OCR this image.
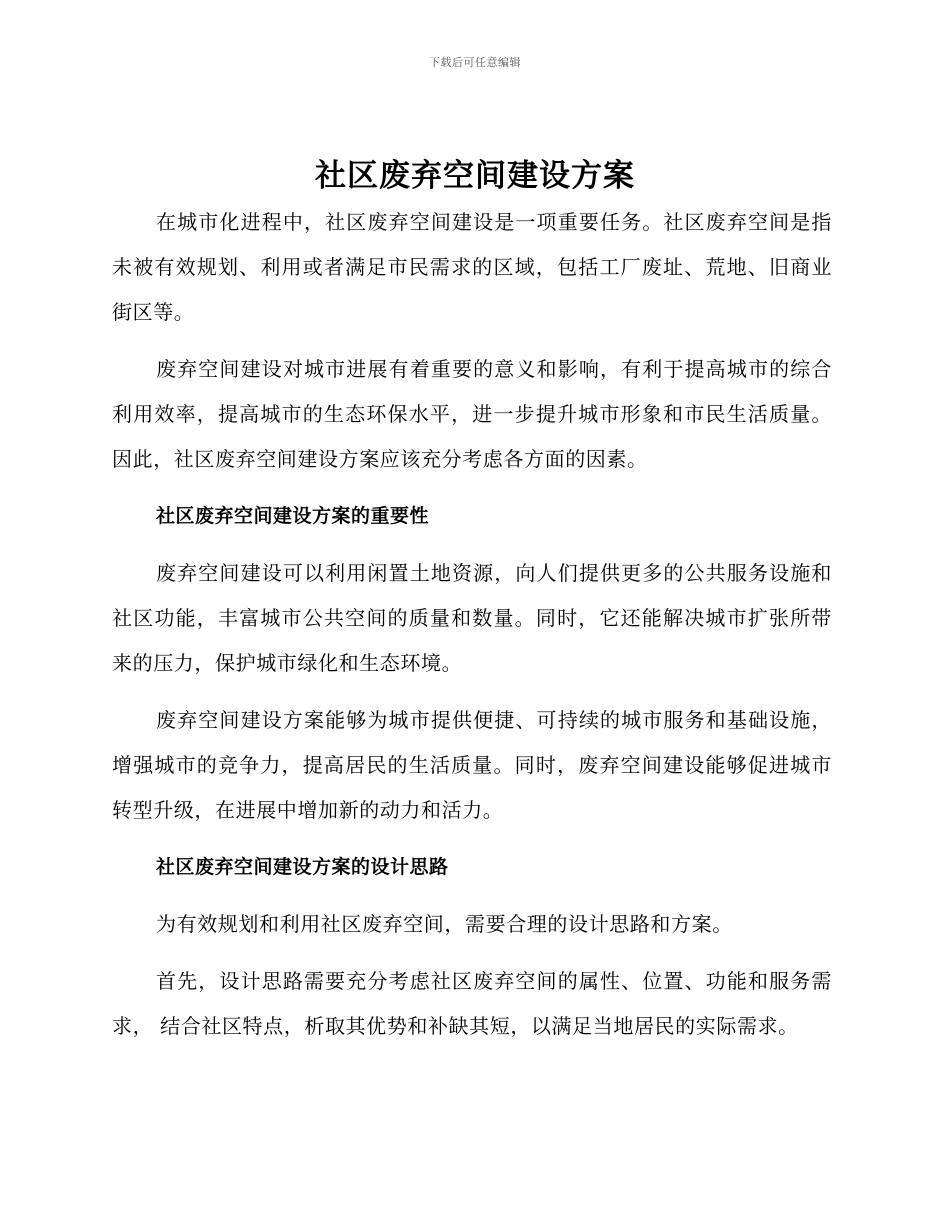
下载后可任意编辑
社区废弃空间建设方案

在城市化进程中，社区废弃空间建设是一项重要任务。社区废弃空间是指未被有效规划、利用或者满足市民需求的区域，包括工厂废址、荒地、旧商业街区等。

废弃空间建设对城市进展有着重要的意义和影响，有利于提高城市的综合利用效率，提高城市的生态环保水平，进一步提升城市形象和市民生活质量。因此，社区废弃空间建设方案应该充分考虑各方面的因素。

社区废弃空间建设方案的重要性

废弃空间建设可以利用闲置土地资源，向人们提供更多的公共服务设施和社区功能，丰富城市公共空间的质量和数量。同时，它还能解决城市扩张所带来的压力，保护城市绿化和生态环境。

废弃空间建设方案能够为城市提供便捷、可持续的城市服务和基础设施，增强城市的竞争力，提高居民的生活质量。同时，废弃空间建设能够促进城市转型升级，在进展中增加新的动力和活力。

社区废弃空间建设方案的设计思路

为有效规划和利用社区废弃空间，需要合理的设计思路和方案。

首先，设计思路需要充分考虑社区废弃空间的属性、位置、功能和服务需求， 结合社区特点，析取其优势和补缺其短，以满足当地居民的实际需求。
